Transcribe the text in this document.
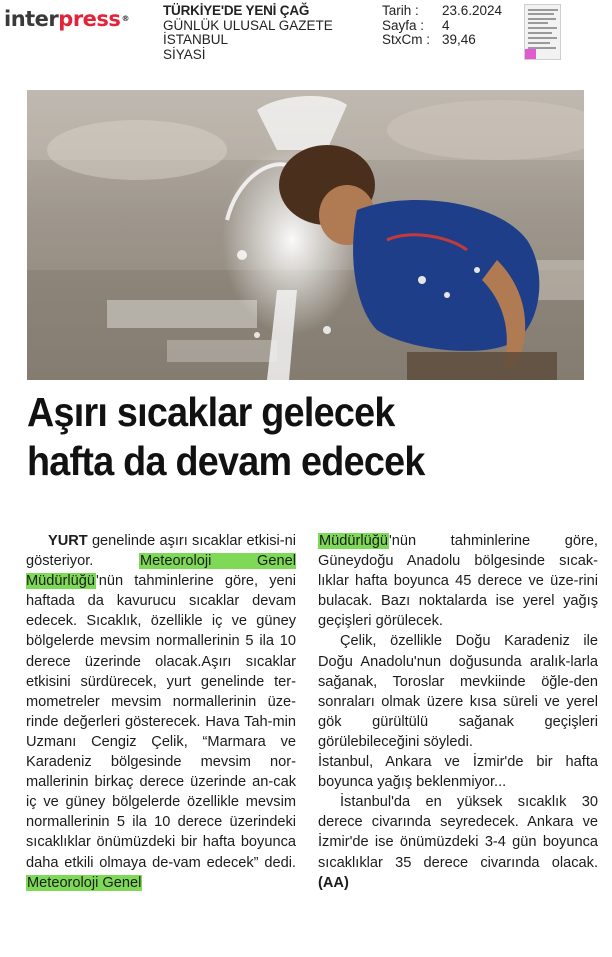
interpress®
TÜRKİYE'DE YENİ ÇAĞ
GÜNLÜK ULUSAL GAZETE
İSTANBUL
SİYASİ
Tarih :	23.6.2024
Sayfa :	4
StxCm : 39,46
Aşırı sıcaklar gelecek
hafta da devam edecek

YURT genelinde aşırı sıcaklar etkisi-ni gösteriyor. Meteoroloji Genel Müdürlüğü'nün tahminlerine göre, yeni haftada da kavurucu sıcaklar devam edecek. Sıcaklık, özellikle iç ve güney bölgelerde mevsim normallerinin 5 ila 10 derece üzerinde olacak.Aşırı sıcaklar etkisini sürdürecek, yurt genelinde ter-mometreler mevsim normallerinin üze-rinde değerleri gösterecek. Hava Tah-min Uzmanı Cengiz Çelik, “Marmara ve Karadeniz bölgesinde mevsim nor-mallerinin birkaç derece üzerinde an-cak iç ve güney bölgelerde özellikle mevsim normallerinin 5 ila 10 derece üzerindeki sıcaklıklar önümüzdeki bir hafta boyunca daha etkili olmaya de-vam edecek” dedi. Meteoroloji Genel

Müdürlüğü'nün tahminlerine göre, Güneydoğu Anadolu bölgesinde sıcak-lıklar hafta boyunca 45 derece ve üze-rini bulacak. Bazı noktalarda ise yerel yağış geçişleri görülecek.

Çelik, özellikle Doğu Karadeniz ile Doğu Anadolu'nun doğusunda aralık-larla sağanak, Toroslar mevkiinde öğle-den sonraları olmak üzere kısa süreli ve yerel gök gürültülü sağanak geçişleri görülebileceğini söyledi.

İstanbul, Ankara ve İzmir'de bir hafta boyunca yağış beklenmiyor...

İstanbul'da en yüksek sıcaklık 30 derece civarında seyredecek. Ankara ve İzmir'de ise önümüzdeki 3-4 gün boyunca sıcaklıklar 35 derece civarında olacak. (AA)
